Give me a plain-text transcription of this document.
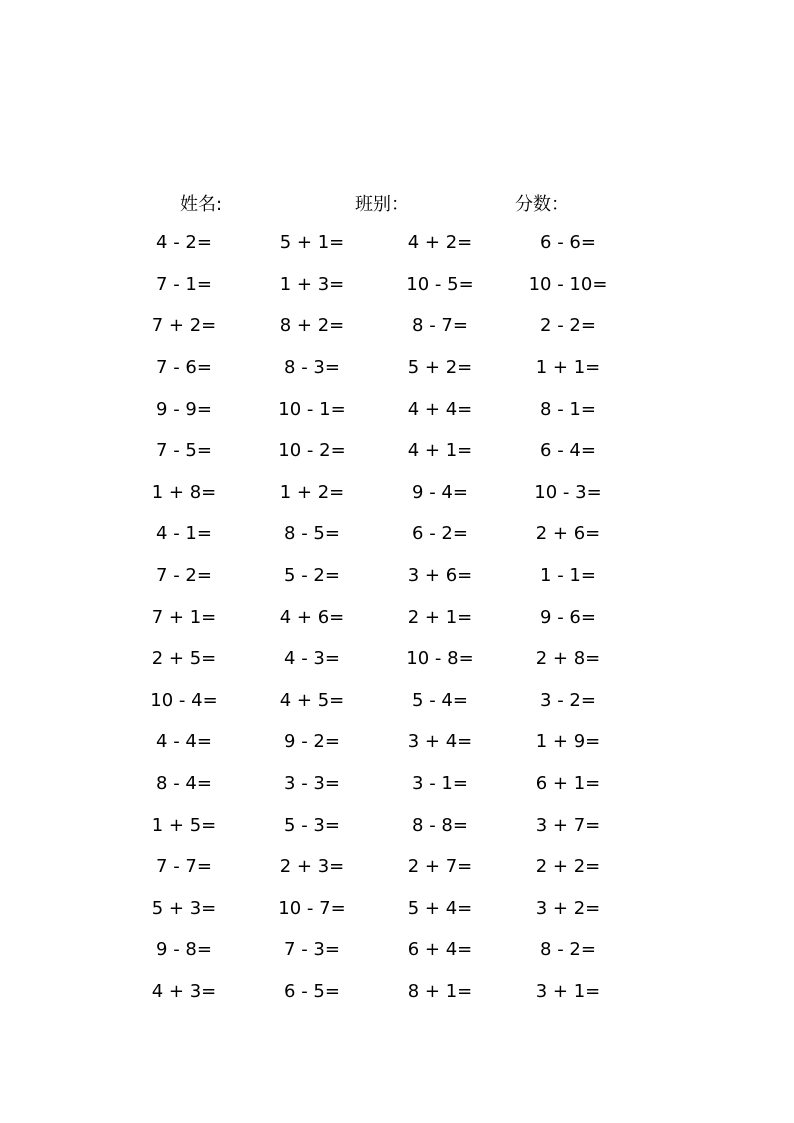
姓名:	班别：	分数：
4 - 2=	5 + 1=	4 + 2=	6 - 6=
7 - 1=	1 + 3=	10 - 5=	10 - 10=
7 + 2=	8 + 2=	8 - 7=	2 - 2=
7 - 6=	8 - 3=	5 + 2=	1 + 1=
9 - 9=	10 - 1=	4 + 4=	8 - 1=
7 - 5=	10 - 2=	4 + 1=	6 - 4=
1 + 8=	1 + 2=	9 - 4=	10 - 3=
4 - 1=	8 - 5=	6 - 2=	2 + 6=
7 - 2=	5 - 2=	3 + 6=	1 - 1=
7 + 1=	4 + 6=	2 + 1=	9 - 6=
2 + 5=	4 - 3=	10 - 8=	2 + 8=
10 - 4=	4 + 5=	5 - 4=	3 - 2=
4 - 4=	9 - 2=	3 + 4=	1 + 9=
8 - 4=	3 - 3=	3 - 1=	6 + 1=
1 + 5=	5 - 3=	8 - 8=	3 + 7=
7 - 7=	2 + 3=	2 + 7=	2 + 2=
5 + 3=	10 - 7=	5 + 4=	3 + 2=
9 - 8=	7 - 3=	6 + 4=	8 - 2=
4 + 3=	6 - 5=	8 + 1=	3 + 1=
